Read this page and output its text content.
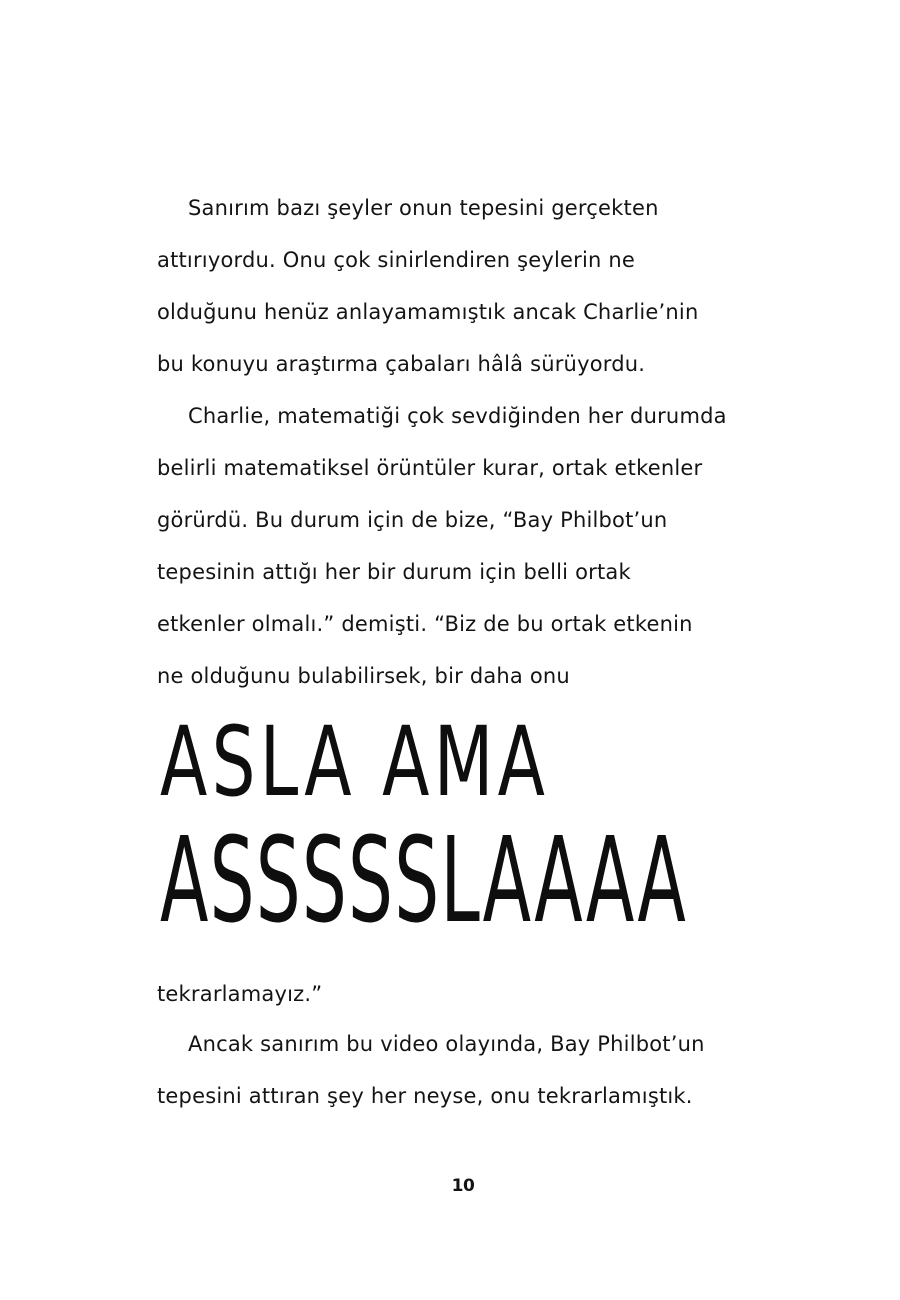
Sanırım bazı şeyler onun tepesini gerçekten
attırıyordu. Onu çok sinirlendiren şeylerin ne
olduğunu henüz anlayamamıştık ancak Charlie’nin
bu konuyu araştırma çabaları hâlâ sürüyordu.
Charlie, matematiği çok sevdiğinden her durumda
belirli matematiksel örüntüler kurar, ortak etkenler
görürdü. Bu durum için de bize, “Bay Philbot’un
tepesinin attığı her bir durum için belli ortak
etkenler olmalı.” demişti. “Biz de bu ortak etkenin
ne olduğunu bulabilirsek, bir daha onu
ASLA AMA
ASSSSSLAAAA
tekrarlamayız.”
Ancak sanırım bu video olayında, Bay Philbot’un
tepesini attıran şey her neyse, onu tekrarlamıştık.
10
